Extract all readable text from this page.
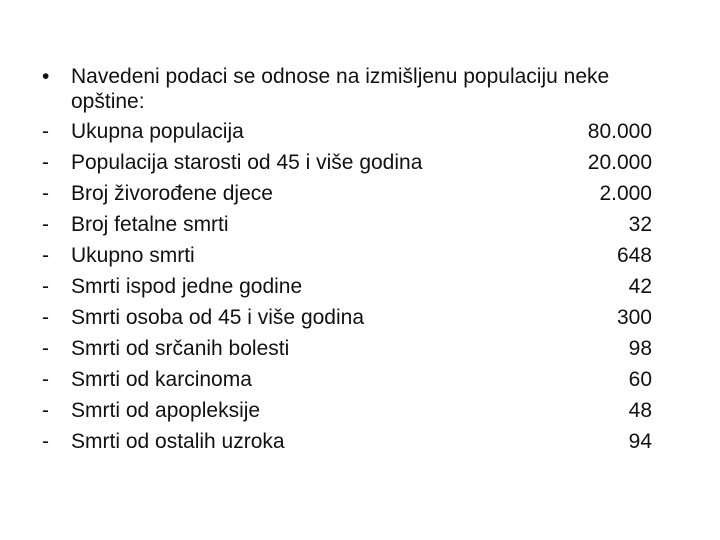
•	Navedeni podaci se odnose na izmišljenu populaciju neke opštine:
-	Ukupna populacija	80.000
-	Populacija starosti od 45 i više godina	20.000
-	Broj živorođene djece	2.000
-	Broj fetalne smrti	32
-	Ukupno smrti	648
-	Smrti ispod jedne godine	42
-	Smrti osoba od 45 i više godina	300
-	Smrti od srčanih bolesti	98
-	Smrti od karcinoma	60
-	Smrti od apopleksije	48
-	Smrti od ostalih uzroka	94
